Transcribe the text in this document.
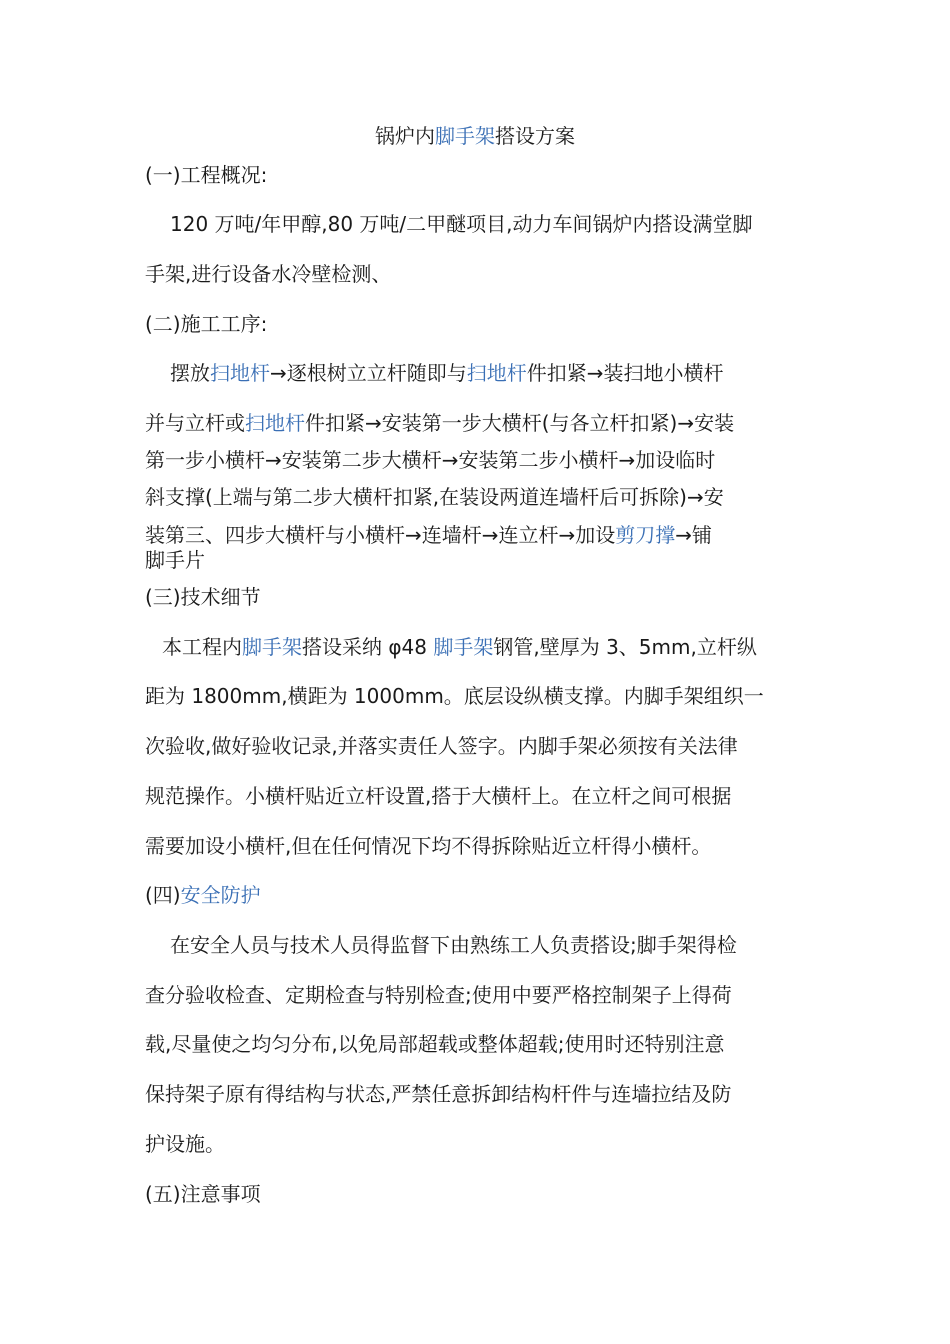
锅炉内脚手架搭设方案
(一)工程概况:
120 万吨/年甲醇,80 万吨/二甲醚项目,动力车间锅炉内搭设满堂脚
手架,进行设备水冷壁检测、
(二)施工工序:
摆放扫地杆→逐根树立立杆随即与扫地杆件扣紧→装扫地小横杆
并与立杆或扫地杆件扣紧→安装第一步大横杆(与各立杆扣紧)→安装
第一步小横杆→安装第二步大横杆→安装第二步小横杆→加设临时
斜支撑(上端与第二步大横杆扣紧,在装设两道连墙杆后可拆除)→安
装第三、四步大横杆与小横杆→连墙杆→连立杆→加设剪刀撑→铺
脚手片
(三)技术细节
本工程内脚手架搭设采纳 φ48 脚手架钢管,壁厚为 3、5mm,立杆纵
距为 1800mm,横距为 1000mm。底层设纵横支撑。内脚手架组织一
次验收,做好验收记录,并落实责任人签字。内脚手架必须按有关法律
规范操作。小横杆贴近立杆设置,搭于大横杆上。在立杆之间可根据
需要加设小横杆,但在任何情况下均不得拆除贴近立杆得小横杆。
(四)安全防护
在安全人员与技术人员得监督下由熟练工人负责搭设;脚手架得检
查分验收检查、定期检查与特别检查;使用中要严格控制架子上得荷
载,尽量使之均匀分布,以免局部超载或整体超载;使用时还特别注意
保持架子原有得结构与状态,严禁任意拆卸结构杆件与连墙拉结及防
护设施。
(五)注意事项
